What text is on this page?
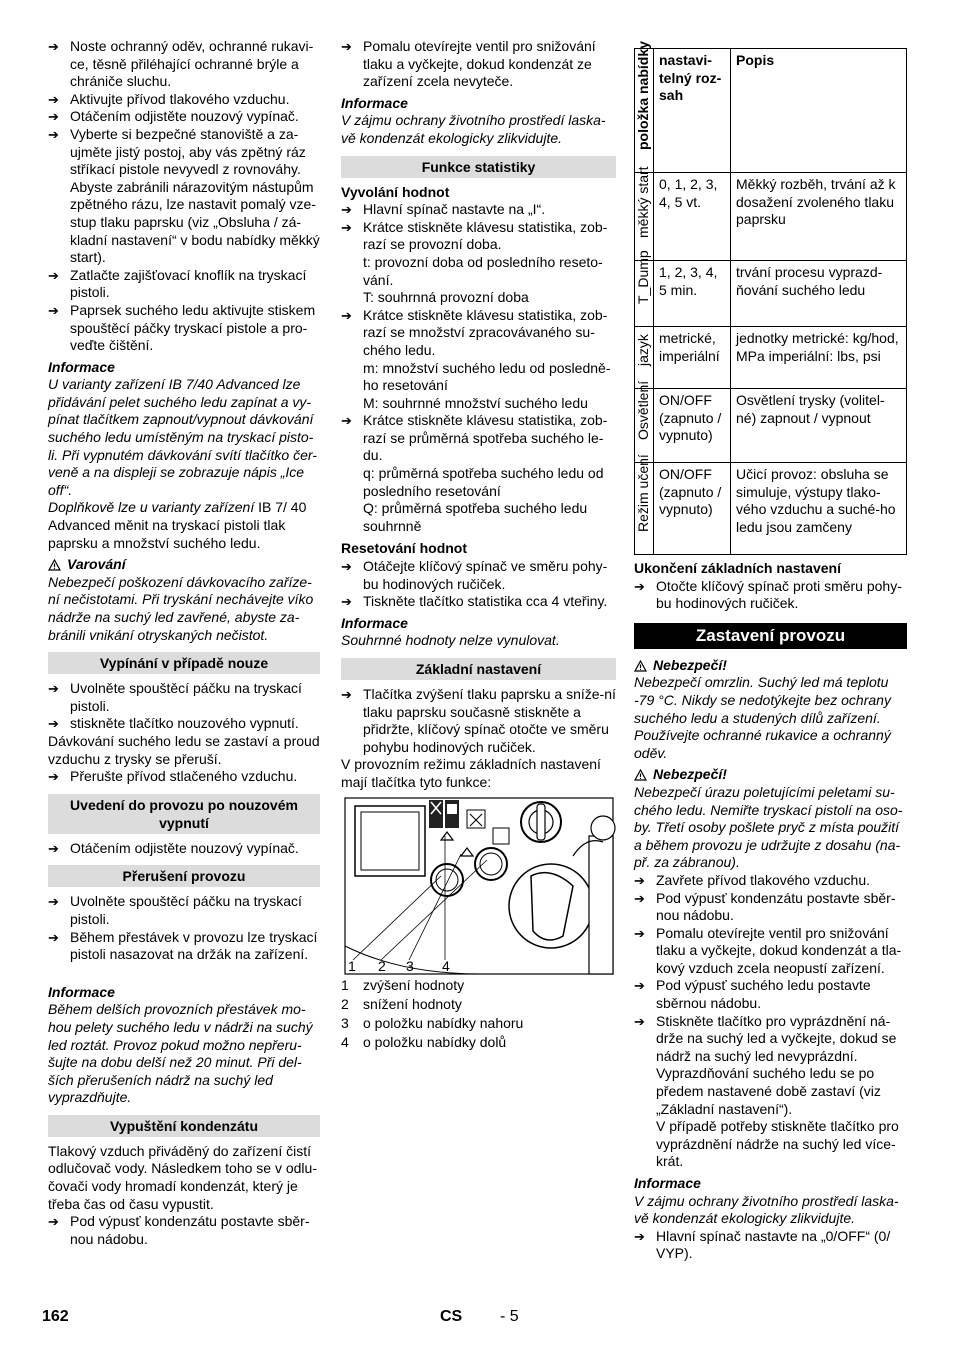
➔ Noste ochranný oděv, ochranné rukavi-ce, těsně přiléhající ochranné brýle a chrániče sluchu.
➔ Aktivujte přívod tlakového vzduchu.
➔ Otáčením odjistěte nouzový vypínač.
➔ Vyberte si bezpečné stanoviště a za-ujměte jistý postoj, aby vás zpětný ráz stříkací pistole nevyvedl z rovnováhy.
Abyste zabránili nárazovitým nástupům zpětného rázu, lze nastavit pomalý vze-stup tlaku paprsku (viz „Obsluha / zá-kladní nastavení“ v bodu nabídky měkký start).
➔ Zatlačte zajišťovací knoflík na tryskací pistoli.
➔ Paprsek suchého ledu aktivujte stiskem spouštěcí páčky tryskací pistole a pro-veďte čištění.
Informace
U varianty zařízení IB 7/40 Advanced lze přidávání pelet suchého ledu zapínat a vy-pínat tlačítkem zapnout/vypnout dávkování suchého ledu umístěným na tryskací pisto-li. Při vypnutém dávkování svítí tlačítko čer-veně a na displeji se zobrazuje nápis „Ice off“.
Doplňkově lze u varianty zařízení IB 7/ 40 Advanced měnit na tryskací pistoli tlak paprsku a množství suchého ledu.
Varování
Nebezpečí poškození dávkovacího zaříze-ní nečistotami. Při tryskání nechávejte víko nádrže na suchý led zavřené, abyste za-bránili vnikání otryskaných nečistot.
Vypínání v případě nouze
➔ Uvolněte spouštěcí páčku na tryskací pistoli.
➔ stiskněte tlačítko nouzového vypnutí.
Dávkování suchého ledu se zastaví a proud vzduchu z trysky se přeruší.
➔ Přerušte přívod stlačeného vzduchu.
Uvedení do provozu po nouzovém vypnutí
➔ Otáčením odjistěte nouzový vypínač.
Přerušení provozu
➔ Uvolněte spouštěcí páčku na tryskací pistoli.
➔ Během přestávek v provozu lze tryskací pistoli nasazovat na držák na zařízení.
Informace
Během delších provozních přestávek mo-hou pelety suchého ledu v nádrži na suchý led roztát. Provoz pokud možno nepřeru-šujte na dobu delší než 20 minut. Při del-ších přerušeních nádrž na suchý led vyprazdňujte.
Vypuštění kondenzátu
Tlakový vzduch přiváděný do zařízení čistí odlučovač vody. Následkem toho se v odlu-čovači vody hromadí kondenzát, který je třeba čas od času vypustit.
➔ Pod výpusť kondenzátu postavte sběr-nou nádobu.
➔ Pomalu otevírejte ventil pro snižování tlaku a vyčkejte, dokud kondenzát ze zařízení zcela nevyteče.
Informace
V zájmu ochrany životního prostředí laska-vě kondenzát ekologicky zlikvidujte.
Funkce statistiky
Vyvolání hodnot
➔ Hlavní spínač nastavte na „I“.
➔ Krátce stiskněte klávesu statistika, zob-razí se provozní doba.
t: provozní doba od posledního reseto-vání.
T: souhrnná provozní doba
➔ Krátce stiskněte klávesu statistika, zob-razí se množství zpracovávaného su-chého ledu.
m: množství suchého ledu od posledně-ho resetování
M: souhrnné množství suchého ledu
➔ Krátce stiskněte klávesu statistika, zob-razí se průměrná spotřeba suchého le-du.
q: průměrná spotřeba suchého ledu od posledního resetování
Q: průměrná spotřeba suchého ledu souhrnně
Resetování hodnot
➔ Otáčejte klíčový spínač ve směru pohy-bu hodinových ručiček.
➔ Tiskněte tlačítko statistika cca 4 vteřiny.
Informace
Souhrnné hodnoty nelze vynulovat.
Základní nastavení
➔ Tlačítka zvýšení tlaku paprsku a sníže-ní tlaku paprsku současně stiskněte a přidržte, klíčový spínač otočte ve směru pohybu hodinových ručiček.
V provozním režimu základních nastavení mají tlačítka tyto funkce:
1 2 3 4
1	zvýšení hodnoty
2	snížení hodnoty
3	o položku nabídky nahoru
4	o položku nabídky dolů
položka nabídky	nastavi-telný roz-sah	Popis

měkký start	0, 1, 2, 3, 4, 5 vt.	Měkký rozběh, trvání až k dosažení zvoleného tlaku paprsku

T_Dump	1, 2, 3, 4, 5 min.	trvání procesu vyprazd-ňování suchého ledu

jazyk	metrické, imperiální	jednotky metrické: kg/hod, MPa imperiální: lbs, psi

Osvětlení	ON/OFF (zapnuto / vypnuto)	Osvětlení trysky (volitel-né) zapnout / vypnout

Režim učení	ON/OFF (zapnuto / vypnuto)	Učicí provoz: obsluha se simuluje, výstupy tlako-vého vzduchu a suché-ho ledu jsou zamčeny
Ukončení základních nastavení
➔ Otočte klíčový spínač proti směru pohy-bu hodinových ručiček.
Zastavení provozu
Nebezpečí!
Nebezpečí omrzlin. Suchý led má teplotu -79 °C. Nikdy se nedotýkejte bez ochrany suchého ledu a studených dílů zařízení. Používejte ochranné rukavice a ochranný oděv.
Nebezpečí!
Nebezpečí úrazu poletujícími peletami su-chého ledu. Nemiřte tryskací pistolí na oso-by. Třetí osoby pošlete pryč z místa použití a během provozu je udržujte z dosahu (na-př. za zábranou).
➔ Zavřete přívod tlakového vzduchu.
➔ Pod výpusť kondenzátu postavte sběr-nou nádobu.
➔ Pomalu otevírejte ventil pro snižování tlaku a vyčkejte, dokud kondenzát a tla-kový vzduch zcela neopustí zařízení.
➔ Pod výpusť suchého ledu postavte sběrnou nádobu.
➔ Stiskněte tlačítko pro vyprázdnění ná-drže na suchý led a vyčkejte, dokud se nádrž na suchý led nevyprázdní.
Vyprazdňování suchého ledu se po předem nastavené době zastaví (viz „Základní nastavení“).
V případě potřeby stiskněte tlačítko pro vyprázdnění nádrže na suchý led více-krát.
Informace
V zájmu ochrany životního prostředí laska-vě kondenzát ekologicky zlikvidujte.
➔ Hlavní spínač nastavte na „0/OFF“ (0/ VYP).
162	CS - 5
